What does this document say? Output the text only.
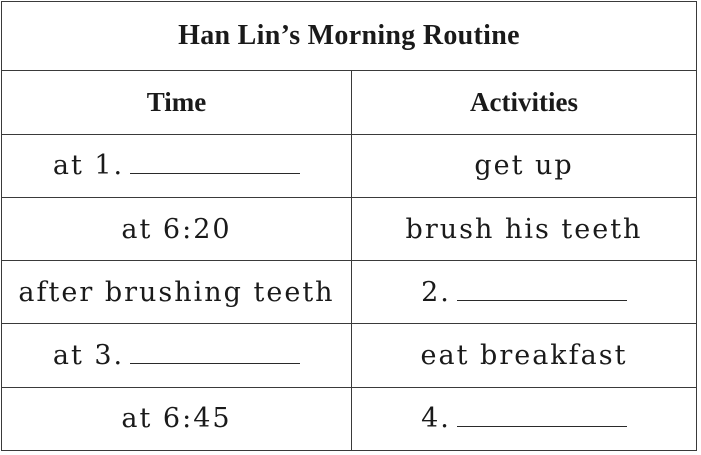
Han Lin’s Morning Routine	
Time	Activities
at 1.	get up
at 6:20	brush his teeth
after brushing teeth	2.
at 3.	eat breakfast
at 6:45	4.
